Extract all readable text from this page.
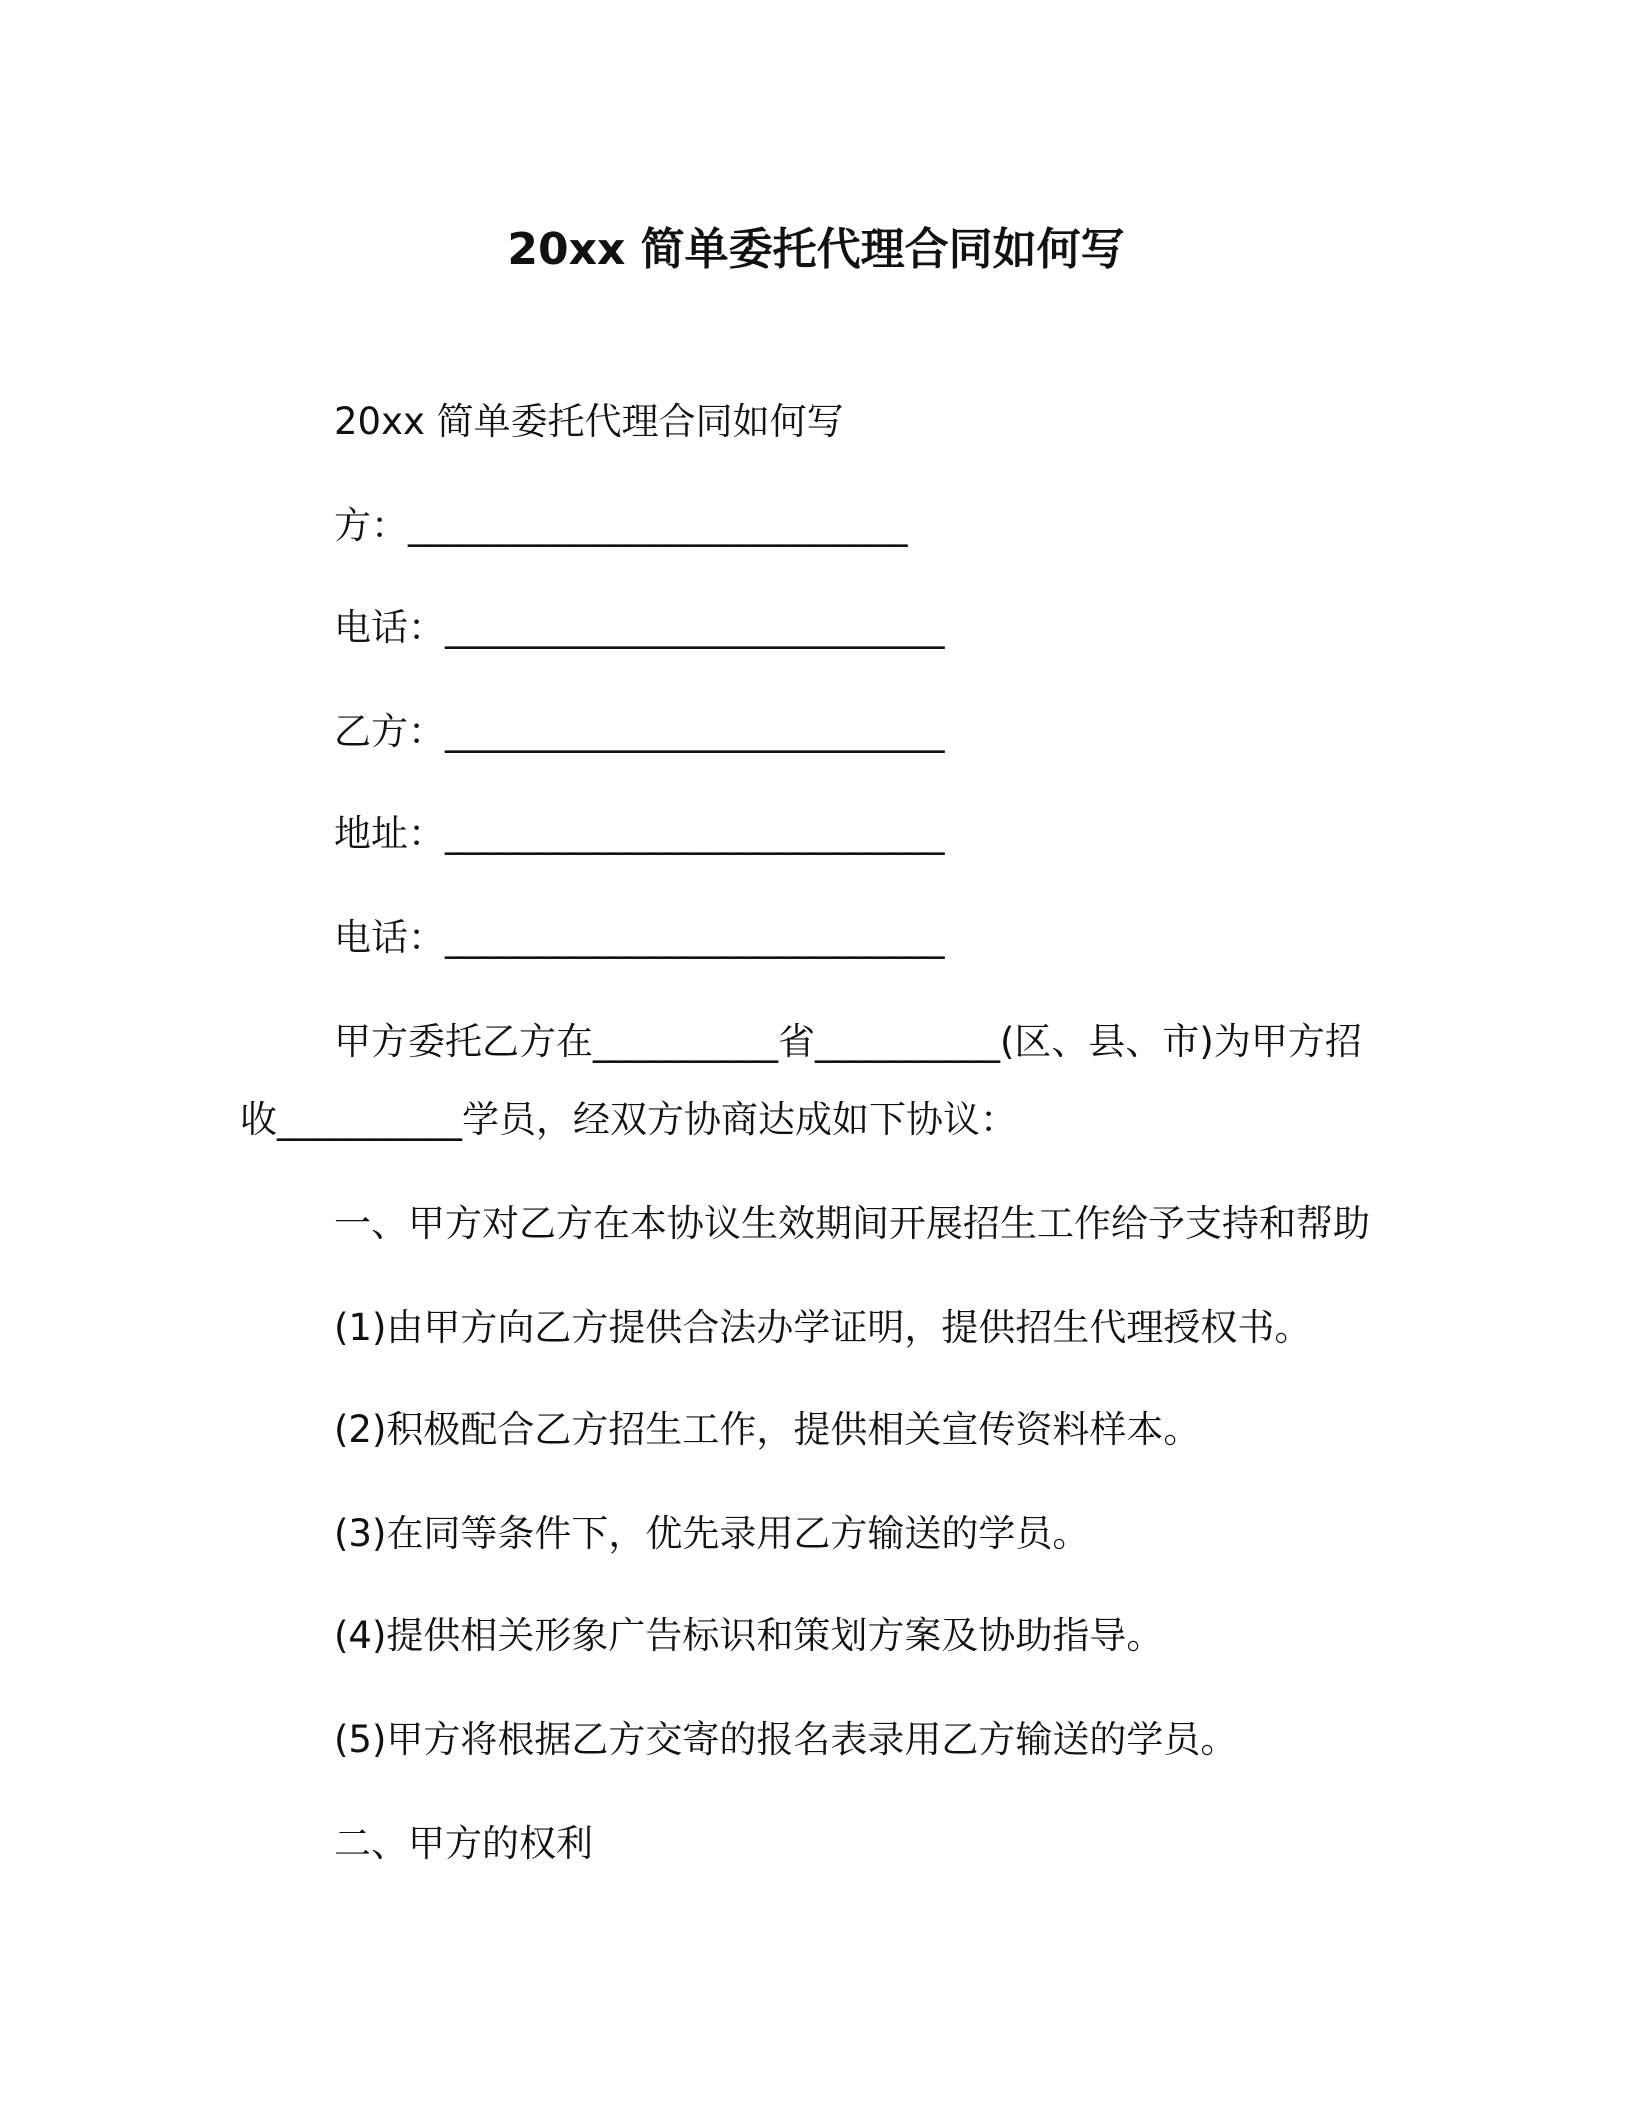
20xx 简单委托代理合同如何写
20xx 简单委托代理合同如何写
方：___________________________
电话：___________________________
乙方：___________________________
地址：___________________________
电话：___________________________
甲方委托乙方在__________省__________(区、县、市)为甲方招
收__________学员，经双方协商达成如下协议：
一、甲方对乙方在本协议生效期间开展招生工作给予支持和帮助
(1)由甲方向乙方提供合法办学证明，提供招生代理授权书。
(2)积极配合乙方招生工作，提供相关宣传资料样本。
(3)在同等条件下，优先录用乙方输送的学员。
(4)提供相关形象广告标识和策划方案及协助指导。
(5)甲方将根据乙方交寄的报名表录用乙方输送的学员。
二、甲方的权利
